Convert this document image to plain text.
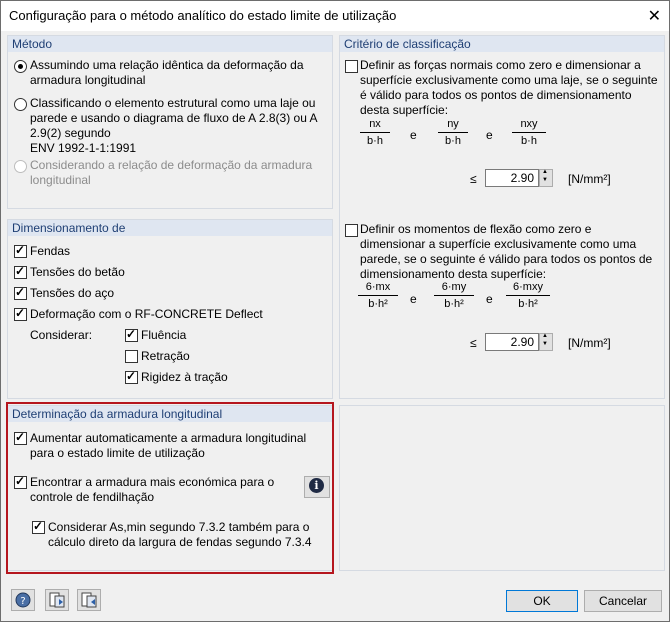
Configuração para o método analítico do estado limite de utilização	✕
Método
Assumindo uma relação idêntica da deformação da armadura longitudinal
Classificando o elemento estrutural como uma laje ou parede e usando o diagrama de fluxo de A 2.8(3) ou A 2.9(2) segundo
ENV 1992-1-1:1991
Considerando a relação de deformação da armadura longitudinal
Critério de classificação
Definir as forças normais como zero e dimensionar a superfície exclusivamente como uma laje, se o seguinte é válido para todos os pontos de dimensionamento desta superfície:
nx
b·h	e
ny
b·h	e
nxy
b·h
≤	2.90 ▲ ▼	[N/mm²]
Definir os momentos de flexão como zero e dimensionar a superfície exclusivamente como uma parede, se o seguinte é válido para todos os pontos de dimensionamento desta superfície:
6·mx
b·h²	e
6·my
b·h²	e
6·mxy
b·h²
≤	2.90 ▲ ▼	[N/mm²]
Dimensionamento de
✓
Fendas
✓
Tensões do betão
✓
Tensões do aço
✓
Deformação com o RF-CONCRETE Deflect
Considerar: ✓	Fluência
Retração
✓
Rigidez à tração
Determinação da armadura longitudinal
✓
Aumentar automaticamente a armadura longitudinal para o estado limite de utilização
✓
Encontrar a armadura mais económica para o controle de fendilhação
i
✓
Considerar As,min segundo 7.3.2 também para o cálculo direto da largura de fendas segundo 7.3.4
?	OK	Cancelar
